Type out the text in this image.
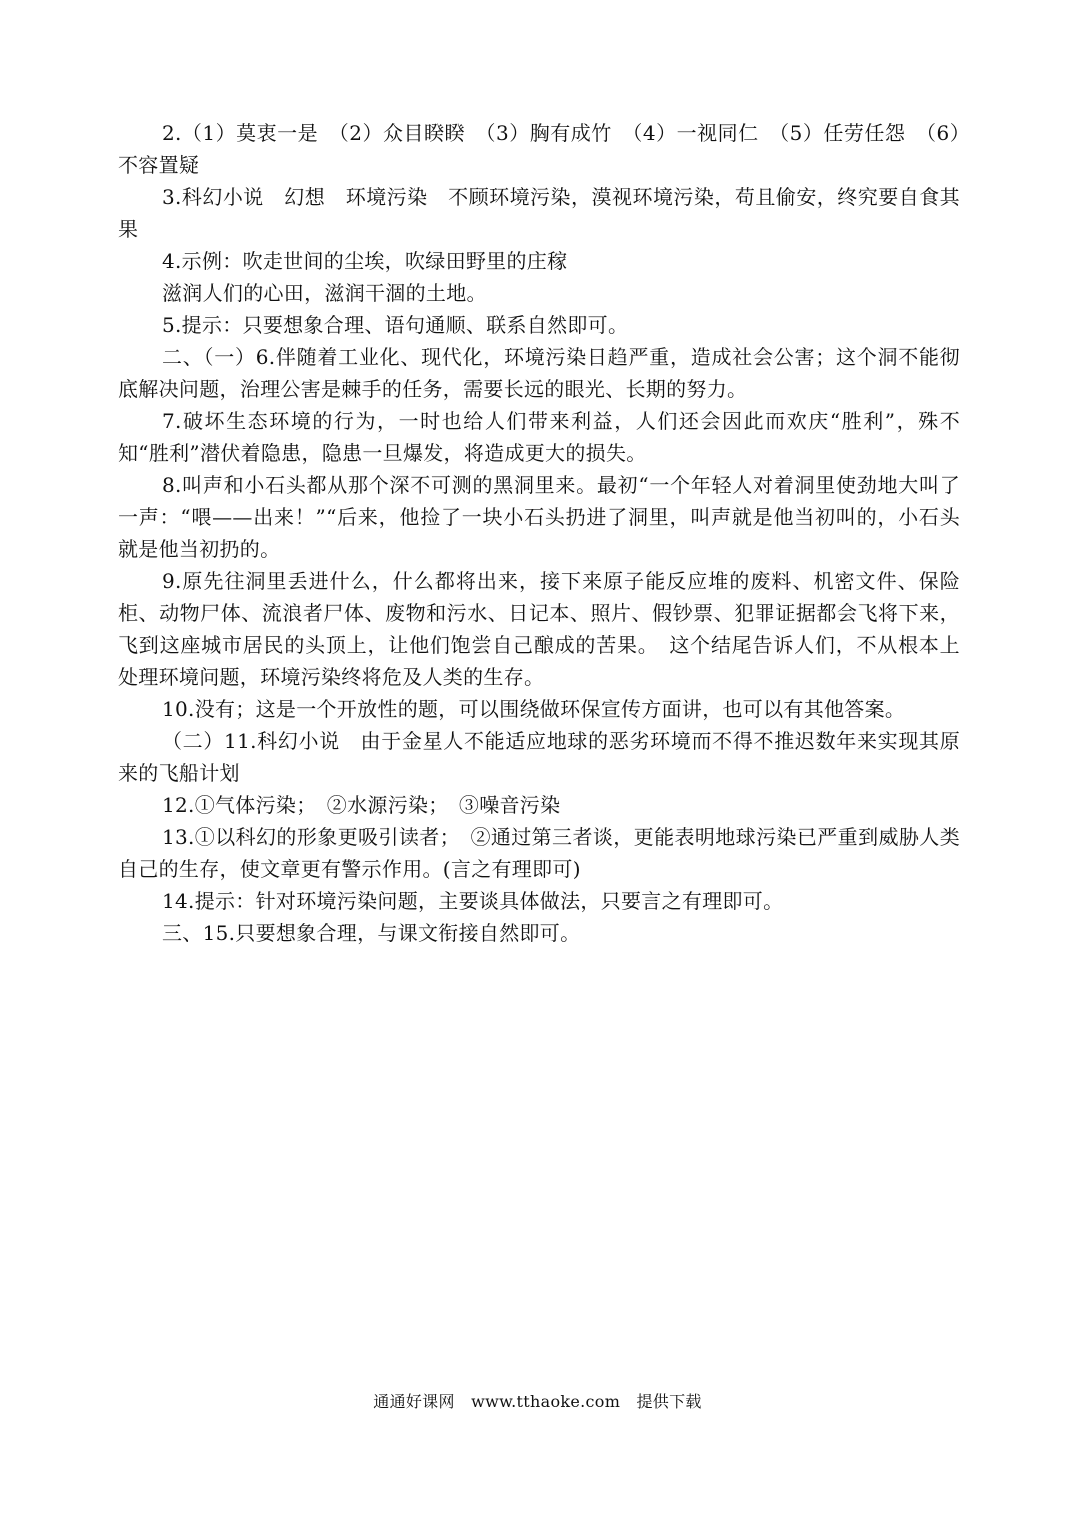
2.（1）莫衷一是　（2）众目睽睽　（3）胸有成竹　（4）一视同仁　（5）任劳任怨　（6）不容置疑

3.科幻小说　幻想　环境污染　不顾环境污染，漠视环境污染，苟且偷安，终究要自食其果

4.示例：吹走世间的尘埃，吹绿田野里的庄稼

滋润人们的心田，滋润干涸的土地。

5.提示：只要想象合理、语句通顺、联系自然即可。

二、（一）6.伴随着工业化、现代化，环境污染日趋严重，造成社会公害；这个洞不能彻底解决问题，治理公害是棘手的任务，需要长远的眼光、长期的努力。

7.破坏生态环境的行为，一时也给人们带来利益，人们还会因此而欢庆“胜利”，殊不知“胜利”潜伏着隐患，隐患一旦爆发，将造成更大的损失。

8.叫声和小石头都从那个深不可测的黑洞里来。最初“一个年轻人对着洞里使劲地大叫了一声：“喂——出来！”“后来，他捡了一块小石头扔进了洞里，叫声就是他当初叫的，小石头就是他当初扔的。

9.原先往洞里丢进什么，什么都将出来，接下来原子能反应堆的废料、机密文件、保险柜、动物尸体、流浪者尸体、废物和污水、日记本、照片、假钞票、犯罪证据都会飞将下来，飞到这座城市居民的头顶上，让他们饱尝自己酿成的苦果。　这个结尾告诉人们，不从根本上处理环境问题，环境污染终将危及人类的生存。

10.没有；这是一个开放性的题，可以围绕做环保宣传方面讲，也可以有其他答案。

（二）11.科幻小说　由于金星人不能适应地球的恶劣环境而不得不推迟数年来实现其原来的飞船计划

12.①气体污染；　②水源污染；　③噪音污染

13.①以科幻的形象更吸引读者；　②通过第三者谈，更能表明地球污染已严重到威胁人类自己的生存，使文章更有警示作用。(言之有理即可)

14.提示：针对环境污染问题，主要谈具体做法，只要言之有理即可。

三、15.只要想象合理，与课文衔接自然即可。

通通好课网　www.tthaoke.com　提供下载
